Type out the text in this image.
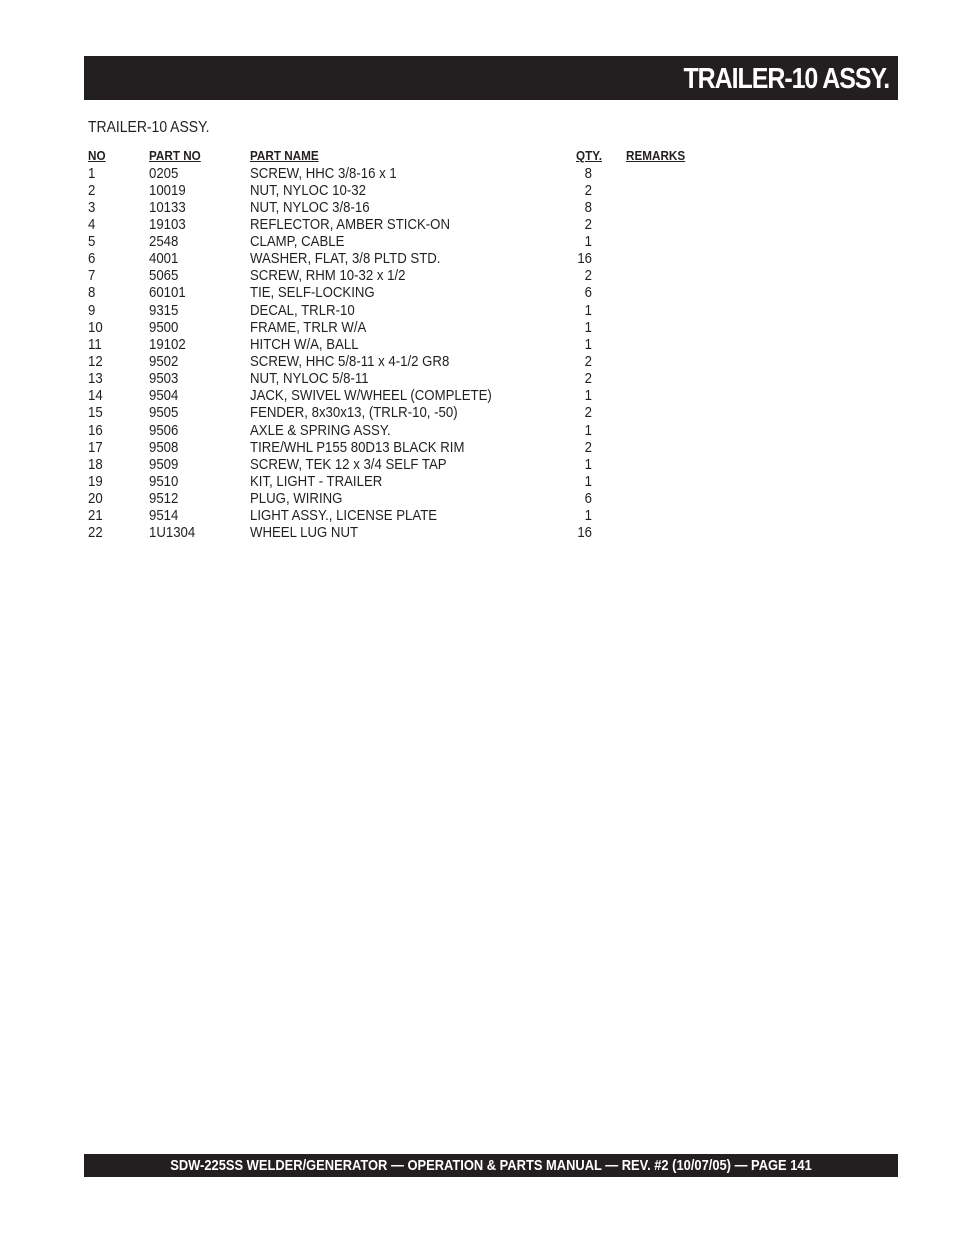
TRAILER-10 ASSY.
TRAILER-10 ASSY.
NO	PART NO	PART NAME	QTY. REMARKS
1	0205	SCREW, HHC 3/8-16 x 1	8
2	10019	NUT, NYLOC 10-32	2
3	10133	NUT, NYLOC 3/8-16	8
4	19103	REFLECTOR, AMBER STICK-ON	2
5	2548	CLAMP, CABLE	1
6	4001	WASHER, FLAT, 3/8 PLTD STD.	16
7	5065	SCREW, RHM 10-32 x 1/2	2
8	60101	TIE, SELF-LOCKING	6
9	9315	DECAL, TRLR-10	1
10	9500	FRAME, TRLR W/A	1
11	19102	HITCH W/A, BALL	1
12	9502	SCREW, HHC 5/8-11 x 4-1/2 GR8	2
13	9503	NUT, NYLOC 5/8-11	2
14	9504	JACK, SWIVEL W/WHEEL (COMPLETE)	1
15	9505	FENDER, 8x30x13, (TRLR-10, -50)	2
16	9506	AXLE & SPRING ASSY.	1
17	9508	TIRE/WHL P155 80D13 BLACK RIM	2
18	9509	SCREW, TEK 12 x 3/4 SELF TAP	1
19	9510	KIT, LIGHT - TRAILER	1
20	9512	PLUG, WIRING	6
21	9514	LIGHT ASSY., LICENSE PLATE	1
22	1U1304	WHEEL LUG NUT	16
SDW-225SS WELDER/GENERATOR — OPERATION & PARTS MANUAL — REV. #2 (10/07/05) — PAGE 141
